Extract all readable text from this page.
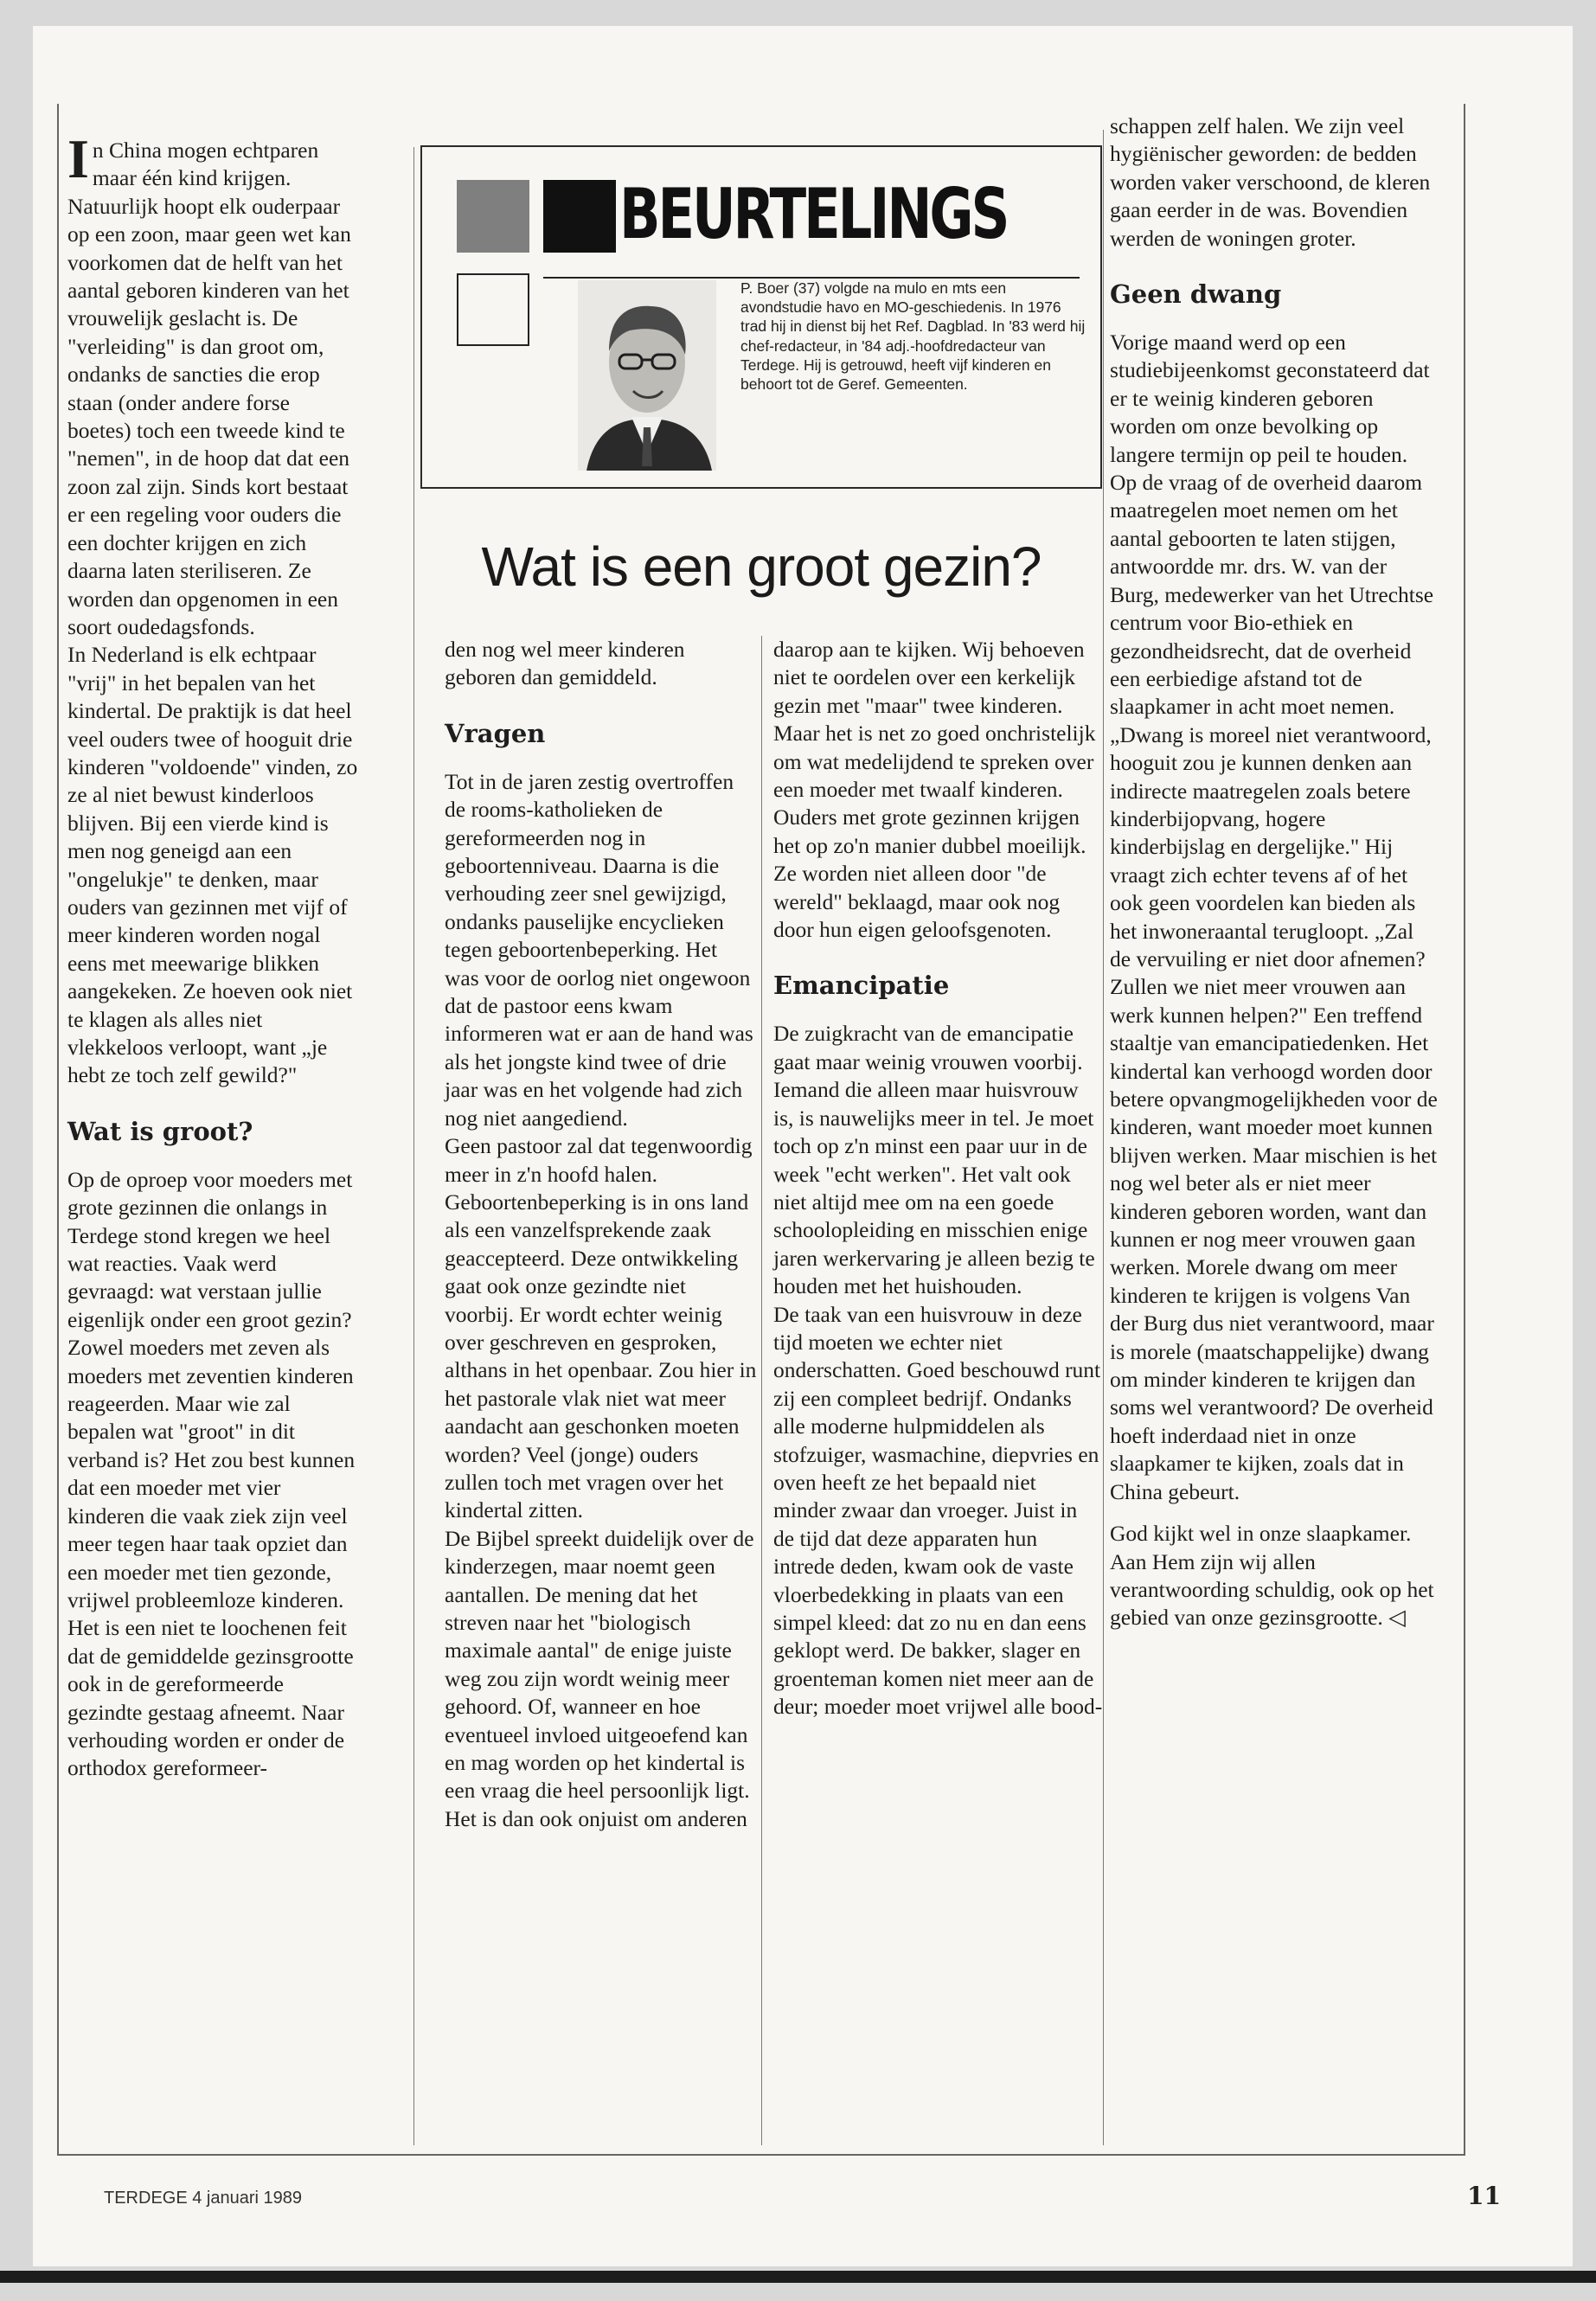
In China mogen echtparen maar één kind krijgen. Natuurlijk hoopt elk ouderpaar op een zoon, maar geen wet kan voorkomen dat de helft van het aantal geboren kinderen van het vrouwelijk geslacht is. De "verleiding" is dan groot om, ondanks de sancties die erop staan (onder andere forse boetes) toch een tweede kind te "nemen", in de hoop dat dat een zoon zal zijn. Sinds kort bestaat er een regeling voor ouders die een dochter krijgen en zich daarna laten steriliseren. Ze worden dan opgenomen in een soort oudedagsfonds.

In Nederland is elk echtpaar "vrij" in het bepalen van het kindertal. De praktijk is dat heel veel ouders twee of hooguit drie kinderen "voldoende" vinden, zo ze al niet bewust kinderloos blijven. Bij een vierde kind is men nog geneigd aan een "ongelukje" te denken, maar ouders van gezinnen met vijf of meer kinderen worden nogal eens met meewarige blikken aangekeken. Ze hoeven ook niet te klagen als alles niet vlekkeloos verloopt, want „je hebt ze toch zelf gewild?"

Wat is groot?

Op de oproep voor moeders met grote gezinnen die onlangs in Terdege stond kregen we heel wat reacties. Vaak werd gevraagd: wat verstaan jullie eigenlijk onder een groot gezin? Zowel moeders met zeven als moeders met zeventien kinderen reageerden. Maar wie zal bepalen wat "groot" in dit verband is? Het zou best kunnen dat een moeder met vier kinderen die vaak ziek zijn veel meer tegen haar taak opziet dan een moeder met tien gezonde, vrijwel probleemloze kinderen.

Het is een niet te loochenen feit dat de gemiddelde gezinsgrootte ook in de gereformeerde gezindte gestaag afneemt. Naar verhouding worden er onder de orthodox gereformeer-

BEURTELINGS
P. Boer (37) volgde na mulo en mts een avondstudie havo en MO-geschiedenis. In 1976 trad hij in dienst bij het Ref. Dagblad. In '83 werd hij chef-redacteur, in '84 adj.-hoofdredacteur van Terdege. Hij is getrouwd, heeft vijf kinderen en behoort tot de Geref. Gemeenten.
Wat is een groot gezin?

den nog wel meer kinderen geboren dan gemiddeld.

Vragen

Tot in de jaren zestig overtroffen de rooms-katholieken de gereformeerden nog in geboortenniveau. Daarna is die verhouding zeer snel gewijzigd, ondanks pauselijke encyclieken tegen geboortenbeperking. Het was voor de oorlog niet ongewoon dat de pastoor eens kwam informeren wat er aan de hand was als het jongste kind twee of drie jaar was en het volgende had zich nog niet aangediend.

Geen pastoor zal dat tegenwoordig meer in z'n hoofd halen. Geboortenbeperking is in ons land als een vanzelfsprekende zaak geaccepteerd. Deze ontwikkeling gaat ook onze gezindte niet voorbij. Er wordt echter weinig over geschreven en gesproken, althans in het openbaar. Zou hier in het pastorale vlak niet wat meer aandacht aan geschonken moeten worden? Veel (jonge) ouders zullen toch met vragen over het kindertal zitten.

De Bijbel spreekt duidelijk over de kinderzegen, maar noemt geen aantallen. De mening dat het streven naar het "biologisch maximale aantal" de enige juiste weg zou zijn wordt weinig meer gehoord. Of, wanneer en hoe eventueel invloed uitgeoefend kan en mag worden op het kindertal is een vraag die heel persoonlijk ligt. Het is dan ook onjuist om anderen

daarop aan te kijken. Wij behoeven niet te oordelen over een kerkelijk gezin met "maar" twee kinderen. Maar het is net zo goed onchristelijk om wat medelijdend te spreken over een moeder met twaalf kinderen. Ouders met grote gezinnen krijgen het op zo'n manier dubbel moeilijk. Ze worden niet alleen door "de wereld" beklaagd, maar ook nog door hun eigen geloofsgenoten.

Emancipatie

De zuigkracht van de emancipatie gaat maar weinig vrouwen voorbij. Iemand die alleen maar huisvrouw is, is nauwelijks meer in tel. Je moet toch op z'n minst een paar uur in de week "echt werken". Het valt ook niet altijd mee om na een goede schoolopleiding en misschien enige jaren werkervaring je alleen bezig te houden met het huishouden.

De taak van een huisvrouw in deze tijd moeten we echter niet onderschatten. Goed beschouwd runt zij een compleet bedrijf. Ondanks alle moderne hulpmiddelen als stofzuiger, wasmachine, diepvries en oven heeft ze het bepaald niet minder zwaar dan vroeger. Juist in de tijd dat deze apparaten hun intrede deden, kwam ook de vaste vloerbedekking in plaats van een simpel kleed: dat zo nu en dan eens geklopt werd. De bakker, slager en groenteman komen niet meer aan de deur; moeder moet vrijwel alle bood-

schappen zelf halen. We zijn veel hygiënischer geworden: de bedden worden vaker verschoond, de kleren gaan eerder in de was. Bovendien werden de woningen groter.

Geen dwang

Vorige maand werd op een studiebijeenkomst geconstateerd dat er te weinig kinderen geboren worden om onze bevolking op langere termijn op peil te houden. Op de vraag of de overheid daarom maatregelen moet nemen om het aantal geboorten te laten stijgen, antwoordde mr. drs. W. van der Burg, medewerker van het Utrechtse centrum voor Bio-ethiek en gezondheidsrecht, dat de overheid een eerbiedige afstand tot de slaapkamer in acht moet nemen. „Dwang is moreel niet verantwoord, hooguit zou je kunnen denken aan indirecte maatregelen zoals betere kinderbijopvang, hogere kinderbijslag en dergelijke." Hij vraagt zich echter tevens af of het ook geen voordelen kan bieden als het inwoneraantal terugloopt. „Zal de vervuiling er niet door afnemen? Zullen we niet meer vrouwen aan werk kunnen helpen?" Een treffend staaltje van emancipatiedenken. Het kindertal kan verhoogd worden door betere opvangmogelijkheden voor de kinderen, want moeder moet kunnen blijven werken. Maar mischien is het nog wel beter als er niet meer kinderen geboren worden, want dan kunnen er nog meer vrouwen gaan werken. Morele dwang om meer kinderen te krijgen is volgens Van der Burg dus niet verantwoord, maar is morele (maatschappelijke) dwang om minder kinderen te krijgen dan soms wel verantwoord? De overheid hoeft inderdaad niet in onze slaapkamer te kijken, zoals dat in China gebeurt.

God kijkt wel in onze slaapkamer. Aan Hem zijn wij allen verantwoording schuldig, ook op het gebied van onze gezinsgrootte. ◁

TERDEGE 4 januari 1989	11
